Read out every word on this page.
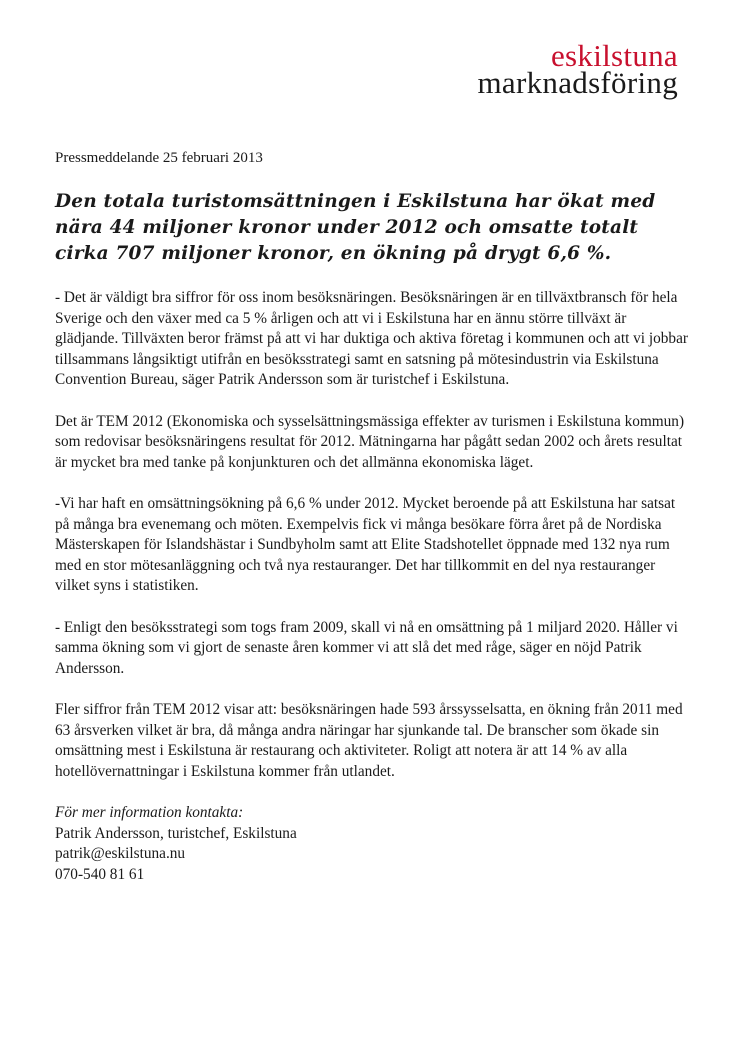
eskilstuna
marknadsföring

Pressmeddelande 25 februari 2013

Den totala turistomsättningen i Eskilstuna har ökat med nära 44 miljoner kronor under 2012 och omsatte totalt cirka 707 miljoner kronor, en ökning på drygt 6,6 %.

- Det är väldigt bra siffror för oss inom besöksnäringen. Besöksnäringen är en tillväxtbransch för hela Sverige och den växer med ca 5 % årligen och att vi i Eskilstuna har en ännu större tillväxt är glädjande. Tillväxten beror främst på att vi har duktiga och aktiva företag i kommunen och att vi jobbar tillsammans långsiktigt utifrån en besöksstrategi samt en satsning på mötesindustrin via Eskilstuna Convention Bureau, säger Patrik Andersson som är turistchef i Eskilstuna.

Det är TEM 2012 (Ekonomiska och sysselsättningsmässiga effekter av turismen i Eskilstuna kommun) som redovisar besöksnäringens resultat för 2012. Mätningarna har pågått sedan 2002 och årets resultat är mycket bra med tanke på konjunkturen och det allmänna ekonomiska läget.

-Vi har haft en omsättningsökning på 6,6 % under 2012. Mycket beroende på att Eskilstuna har satsat på många bra evenemang och möten. Exempelvis fick vi många besökare förra året på de Nordiska Mästerskapen för Islandshästar i Sundbyholm samt att Elite Stadshotellet öppnade med 132 nya rum med en stor mötesanläggning och två nya restauranger. Det har tillkommit en del nya restauranger vilket syns i statistiken.

- Enligt den besöksstrategi som togs fram 2009, skall vi nå en omsättning på 1 miljard 2020. Håller vi samma ökning som vi gjort de senaste åren kommer vi att slå det med råge, säger en nöjd Patrik Andersson.

Fler siffror från TEM 2012 visar att: besöksnäringen hade 593 årssysselsatta, en ökning från 2011 med 63 årsverken vilket är bra, då många andra näringar har sjunkande tal. De branscher som ökade sin omsättning mest i Eskilstuna är restaurang och aktiviteter. Roligt att notera är att 14 % av alla hotellövernattningar i Eskilstuna kommer från utlandet.

För mer information kontakta:
Patrik Andersson, turistchef, Eskilstuna
patrik@eskilstuna.nu
070-540 81 61
